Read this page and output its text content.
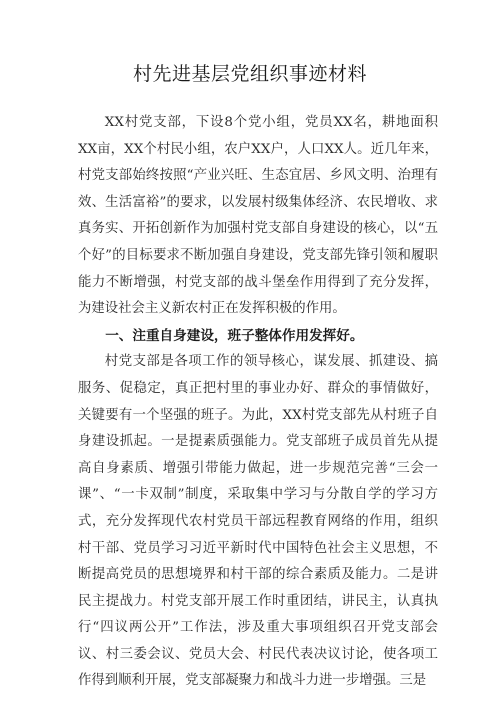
村先进基层党组织事迹材料

XX村党支部，下设8个党小组，党员XX名，耕地面积XX亩，XX个村民小组，农户XX户，人口XX人。近几年来，村党支部始终按照“产业兴旺、生态宜居、乡风文明、治理有效、生活富裕”的要求，以发展村级集体经济、农民增收、求真务实、开拓创新作为加强村党支部自身建设的核心，以“五个好”的目标要求不断加强自身建设，党支部先锋引领和履职能力不断增强，村党支部的战斗堡垒作用得到了充分发挥，为建设社会主义新农村正在发挥积极的作用。

一、注重自身建设，班子整体作用发挥好。

村党支部是各项工作的领导核心，谋发展、抓建设、搞服务、促稳定，真正把村里的事业办好、群众的事情做好，关键要有一个坚强的班子。为此，XX村党支部先从村班子自身建设抓起。一是提素质强能力。党支部班子成员首先从提高自身素质、增强引带能力做起，进一步规范完善“三会一课”、“一卡双制”制度，采取集中学习与分散自学的学习方式，充分发挥现代农村党员干部远程教育网络的作用，组织村干部、党员学习习近平新时代中国特色社会主义思想，不断提高党员的思想境界和村干部的综合素质及能力。二是讲民主提战力。村党支部开展工作时重团结，讲民主，认真执行“四议两公开”工作法，涉及重大事项组织召开党支部会议、村三委会议、党员大会、村民代表决议讨论，使各项工作得到顺利开展，党支部凝聚力和战斗力进一步增强。三是
